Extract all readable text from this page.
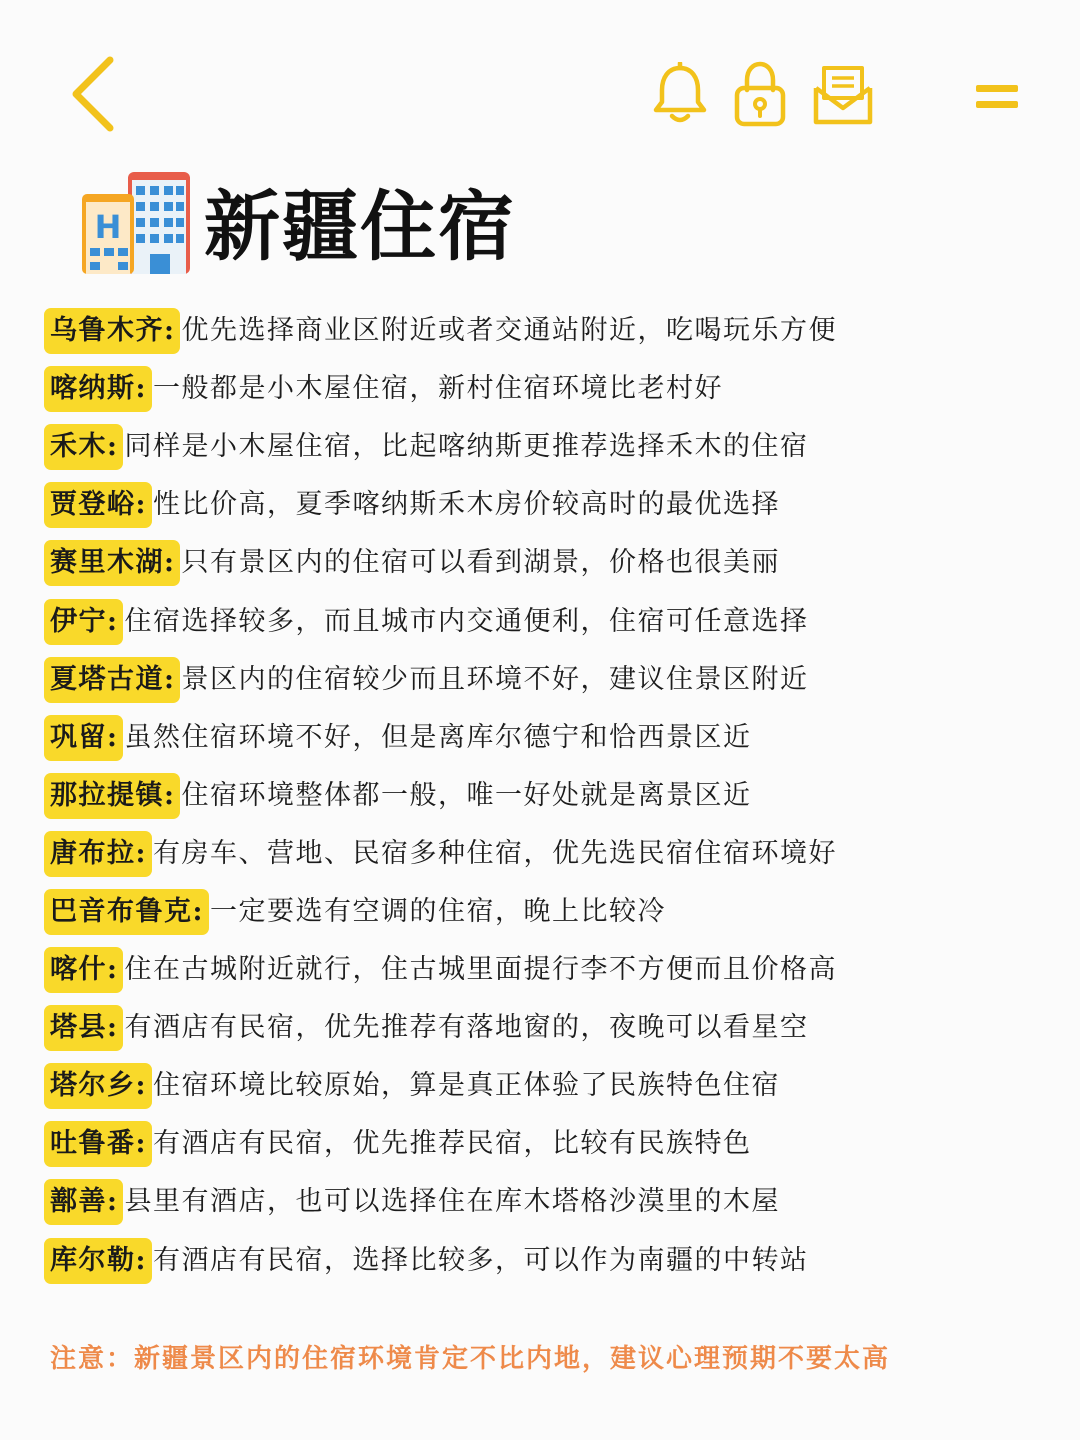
H 新疆住宿
乌鲁木齐: 优先选择商业区附近或者交通站附近，吃喝玩乐方便
喀纳斯: 一般都是小木屋住宿，新村住宿环境比老村好
禾木: 同样是小木屋住宿，比起喀纳斯更推荐选择禾木的住宿
贾登峪: 性比价高，夏季喀纳斯禾木房价较高时的最优选择
赛里木湖: 只有景区内的住宿可以看到湖景，价格也很美丽
伊宁: 住宿选择较多，而且城市内交通便利，住宿可任意选择
夏塔古道: 景区内的住宿较少而且环境不好，建议住景区附近
巩留: 虽然住宿环境不好，但是离库尔德宁和恰西景区近
那拉提镇: 住宿环境整体都一般，唯一好处就是离景区近
唐布拉: 有房车、营地、民宿多种住宿，优先选民宿住宿环境好
巴音布鲁克: 一定要选有空调的住宿，晚上比较冷
喀什: 住在古城附近就行，住古城里面提行李不方便而且价格高
塔县: 有酒店有民宿，优先推荐有落地窗的，夜晚可以看星空
塔尔乡: 住宿环境比较原始，算是真正体验了民族特色住宿
吐鲁番: 有酒店有民宿，优先推荐民宿，比较有民族特色
鄯善: 县里有酒店，也可以选择住在库木塔格沙漠里的木屋
库尔勒: 有酒店有民宿，选择比较多，可以作为南疆的中转站
注意：新疆景区内的住宿环境肯定不比内地，建议心理预期不要太高
